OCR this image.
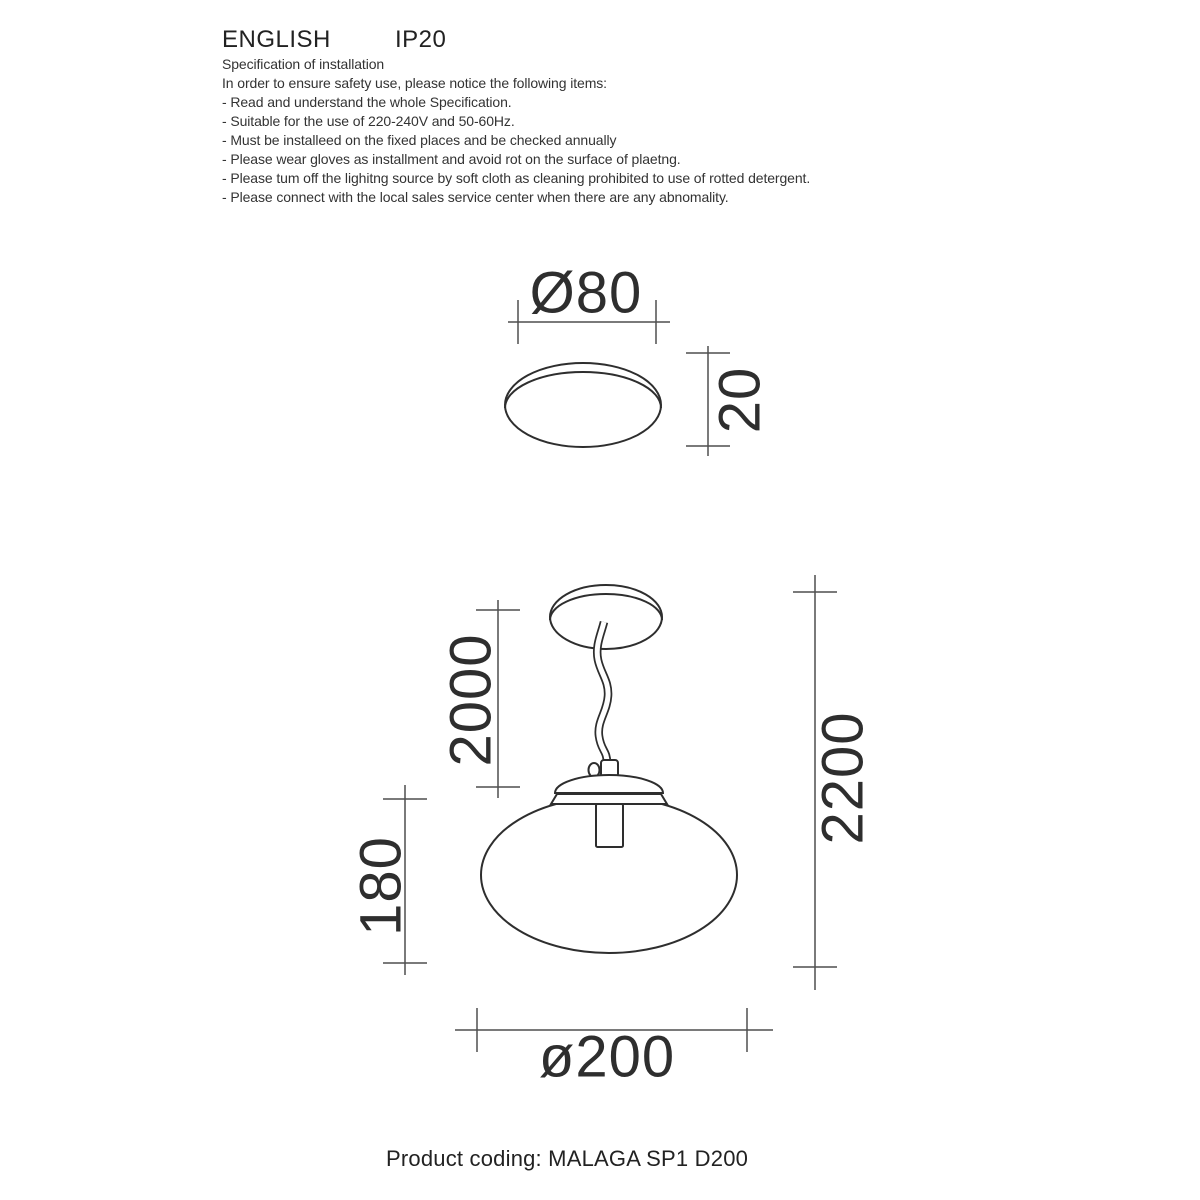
ENGLISH	IP20

Specification of installation

In order to ensure safety use, please notice the following items:

- Read and understand the whole Specification.

- Suitable for the use of 220-240V and 50-60Hz.

- Must be installeed on the fixed places and be checked annually

- Please wear gloves as installment and avoid rot on the surface of plaetng.

- Please tum off the lighitng source by soft cloth as cleaning prohibited to use of rotted detergent.

- Please connect with the local sales service center when there are any abnomality.

Ø80
20
2000
180
2200
ø200
Product coding: MALAGA SP1 D200
